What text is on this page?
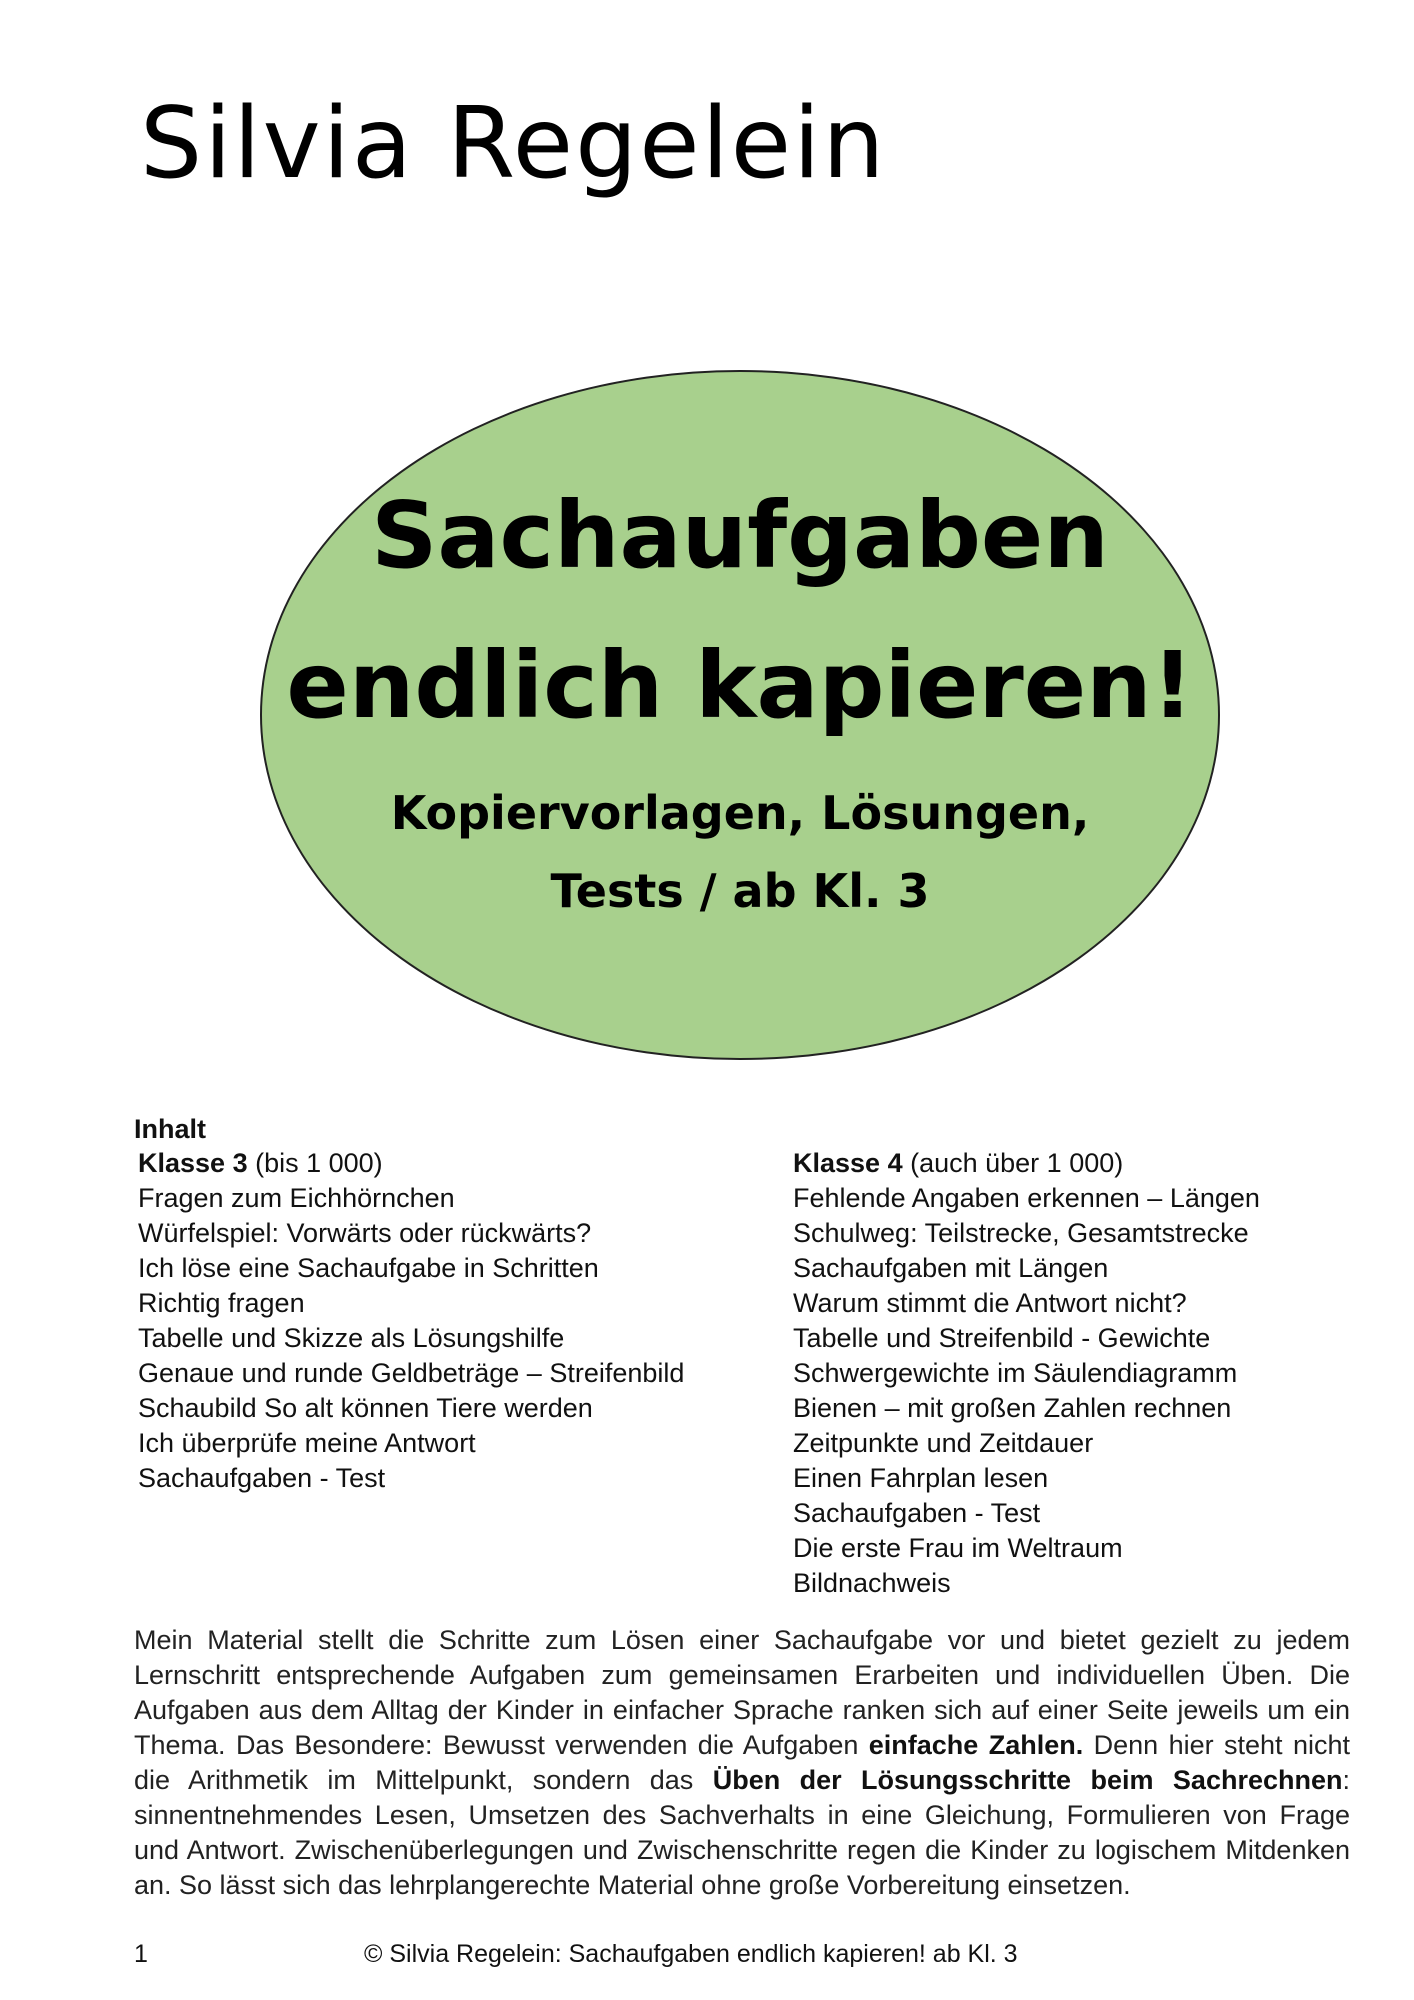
Silvia Regelein

Sachaufgaben

endlich kapieren!

Kopiervorlagen, Lösungen,

Tests / ab Kl. 3

Inhalt

Klasse 3 (bis 1 000)
Fragen zum Eichhörnchen
Würfelspiel: Vorwärts oder rückwärts?
Ich löse eine Sachaufgabe in Schritten
Richtig fragen
Tabelle und Skizze als Lösungshilfe
Genaue und runde Geldbeträge – Streifenbild
Schaubild So alt können Tiere werden
Ich überprüfe meine Antwort
Sachaufgaben - Test
Klasse 4 (auch über 1 000)
Fehlende Angaben erkennen – Längen
Schulweg: Teilstrecke, Gesamtstrecke
Sachaufgaben mit Längen
Warum stimmt die Antwort nicht?
Tabelle und Streifenbild - Gewichte
Schwergewichte im Säulendiagramm
Bienen – mit großen Zahlen rechnen
Zeitpunkte und Zeitdauer
Einen Fahrplan lesen
Sachaufgaben - Test
Die erste Frau im Weltraum
Bildnachweis

Mein Material stellt die Schritte zum Lösen einer Sachaufgabe vor und bietet gezielt zu jedem Lernschritt entsprechende Aufgaben zum gemeinsamen Erarbeiten und individuellen Üben. Die Aufgaben aus dem Alltag der Kinder in einfacher Sprache ranken sich auf einer Seite jeweils um ein Thema. Das Besondere: Bewusst verwenden die Aufgaben einfache Zahlen. Denn hier steht nicht die Arithmetik im Mittelpunkt, sondern das Üben der Lösungsschritte beim Sachrechnen: sinnentnehmendes Lesen, Umsetzen des Sachverhalts in eine Gleichung, Formulieren von Frage und Antwort. Zwischenüberlegungen und Zwischenschritte regen die Kinder zu logischem Mitdenken an. So lässt sich das lehrplangerechte Material ohne große Vorbereitung einsetzen.

1	© Silvia Regelein: Sachaufgaben endlich kapieren! ab Kl. 3
